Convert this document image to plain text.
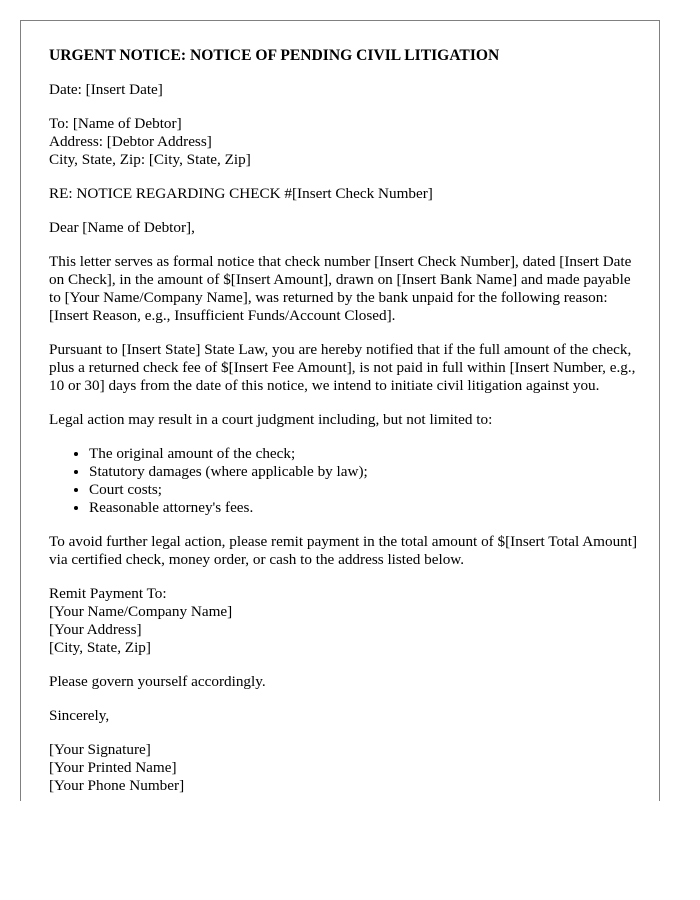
URGENT NOTICE: NOTICE OF PENDING CIVIL LITIGATION

Date: [Insert Date]

To: [Name of Debtor]
Address: [Debtor Address]
City, State, Zip: [City, State, Zip]

RE: NOTICE REGARDING CHECK #[Insert Check Number]

Dear [Name of Debtor],

This letter serves as formal notice that check number [Insert Check Number], dated [Insert Date on Check], in the amount of $[Insert Amount], drawn on [Insert Bank Name] and made payable to [Your Name/Company Name], was returned by the bank unpaid for the following reason: [Insert Reason, e.g., Insufficient Funds/Account Closed].

Pursuant to [Insert State] State Law, you are hereby notified that if the full amount of the check, plus a returned check fee of $[Insert Fee Amount], is not paid in full within [Insert Number, e.g., 10 or 30] days from the date of this notice, we intend to initiate civil litigation against you.

Legal action may result in a court judgment including, but not limited to:

• The original amount of the check;
• Statutory damages (where applicable by law);
• Court costs;
• Reasonable attorney's fees.

To avoid further legal action, please remit payment in the total amount of $[Insert Total Amount] via certified check, money order, or cash to the address listed below.

Remit Payment To:
[Your Name/Company Name]
[Your Address]
[City, State, Zip]

Please govern yourself accordingly.

Sincerely,

[Your Signature]
[Your Printed Name]
[Your Phone Number]
